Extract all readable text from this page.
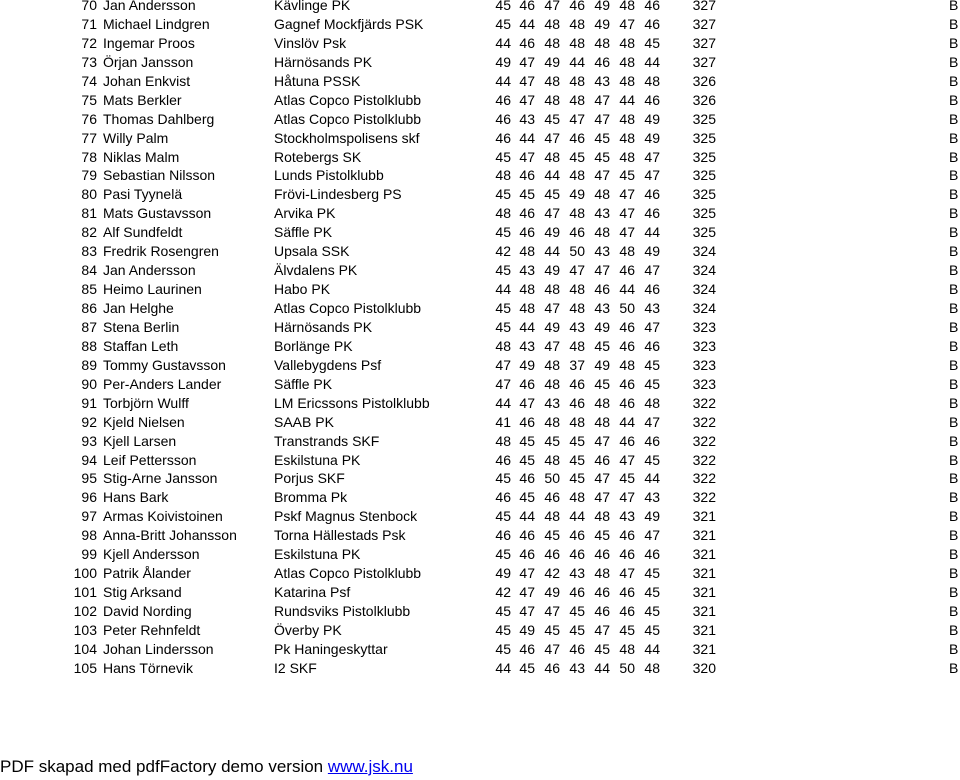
70 Jan Andersson	Kävlinge PK	45 46 47 46 49 48 46 327	B
71 Michael Lindgren	Gagnef Mockfjärds PSK	45 44 48 48 49 47 46 327	B
72 Ingemar Proos	Vinslöv Psk	44 46 48 48 48 48 45 327	B
73 Örjan Jansson	Härnösands PK	49 47 49 44 46 48 44 327	B
74 Johan Enkvist	Håtuna PSSK	44 47 48 48 43 48 48 326	B
75 Mats Berkler	Atlas Copco Pistolklubb	46 47 48 48 47 44 46 326	B
76 Thomas Dahlberg	Atlas Copco Pistolklubb	46 43 45 47 47 48 49 325	B
77 Willy Palm	Stockholmspolisens skf	46 44 47 46 45 48 49 325	B
78 Niklas Malm	Rotebergs SK	45 47 48 45 45 48 47 325	B
79 Sebastian Nilsson	Lunds Pistolklubb	48 46 44 48 47 45 47 325	B
80 Pasi Tyynelä	Frövi-Lindesberg PS	45 45 45 49 48 47 46 325	B
81 Mats Gustavsson	Arvika PK	48 46 47 48 43 47 46 325	B
82 Alf Sundfeldt	Säffle PK	45 46 49 46 48 47 44 325	B
83 Fredrik Rosengren	Upsala SSK	42 48 44 50 43 48 49 324	B
84 Jan Andersson	Älvdalens PK	45 43 49 47 47 46 47 324	B
85 Heimo Laurinen	Habo PK	44 48 48 48 46 44 46 324	B
86 Jan Helghe	Atlas Copco Pistolklubb	45 48 47 48 43 50 43 324	B
87 Stena Berlin	Härnösands PK	45 44 49 43 49 46 47 323	B
88 Staffan Leth	Borlänge PK	48 43 47 48 45 46 46 323	B
89 Tommy Gustavsson	Vallebygdens Psf	47 49 48 37 49 48 45 323	B
90 Per-Anders Lander	Säffle PK	47 46 48 46 45 46 45 323	B
91 Torbjörn Wulff	LM Ericssons Pistolklubb	44 47 43 46 48 46 48 322	B
92 Kjeld Nielsen	SAAB PK	41 46 48 48 48 44 47 322	B
93 Kjell Larsen	Transtrands SKF	48 45 45 45 47 46 46 322	B
94 Leif Pettersson	Eskilstuna PK	46 45 48 45 46 47 45 322	B
95 Stig-Arne Jansson	Porjus SKF	45 46 50 45 47 45 44 322	B
96 Hans Bark	Bromma Pk	46 45 46 48 47 47 43 322	B
97 Armas Koivistoinen	Pskf Magnus Stenbock	45 44 48 44 48 43 49 321	B
98 Anna-Britt Johansson	Torna Hällestads Psk	46 46 45 46 45 46 47 321	B
99 Kjell Andersson	Eskilstuna PK	45 46 46 46 46 46 46 321	B
100 Patrik Ålander	Atlas Copco Pistolklubb	49 47 42 43 48 47 45 321	B
101 Stig Arksand	Katarina Psf	42 47 49 46 46 46 45 321	B
102 David Nording	Rundsviks Pistolklubb	45 47 47 45 46 46 45 321	B
103 Peter Rehnfeldt	Överby PK	45 49 45 45 47 45 45 321	B
104 Johan Lindersson	Pk Haningeskyttar	45 46 47 46 45 48 44 321	B
105 Hans Törnevik	I2 SKF	44 45 46 43 44 50 48 320	B
PDF skapad med pdfFactory demo version www.jsk.nu
